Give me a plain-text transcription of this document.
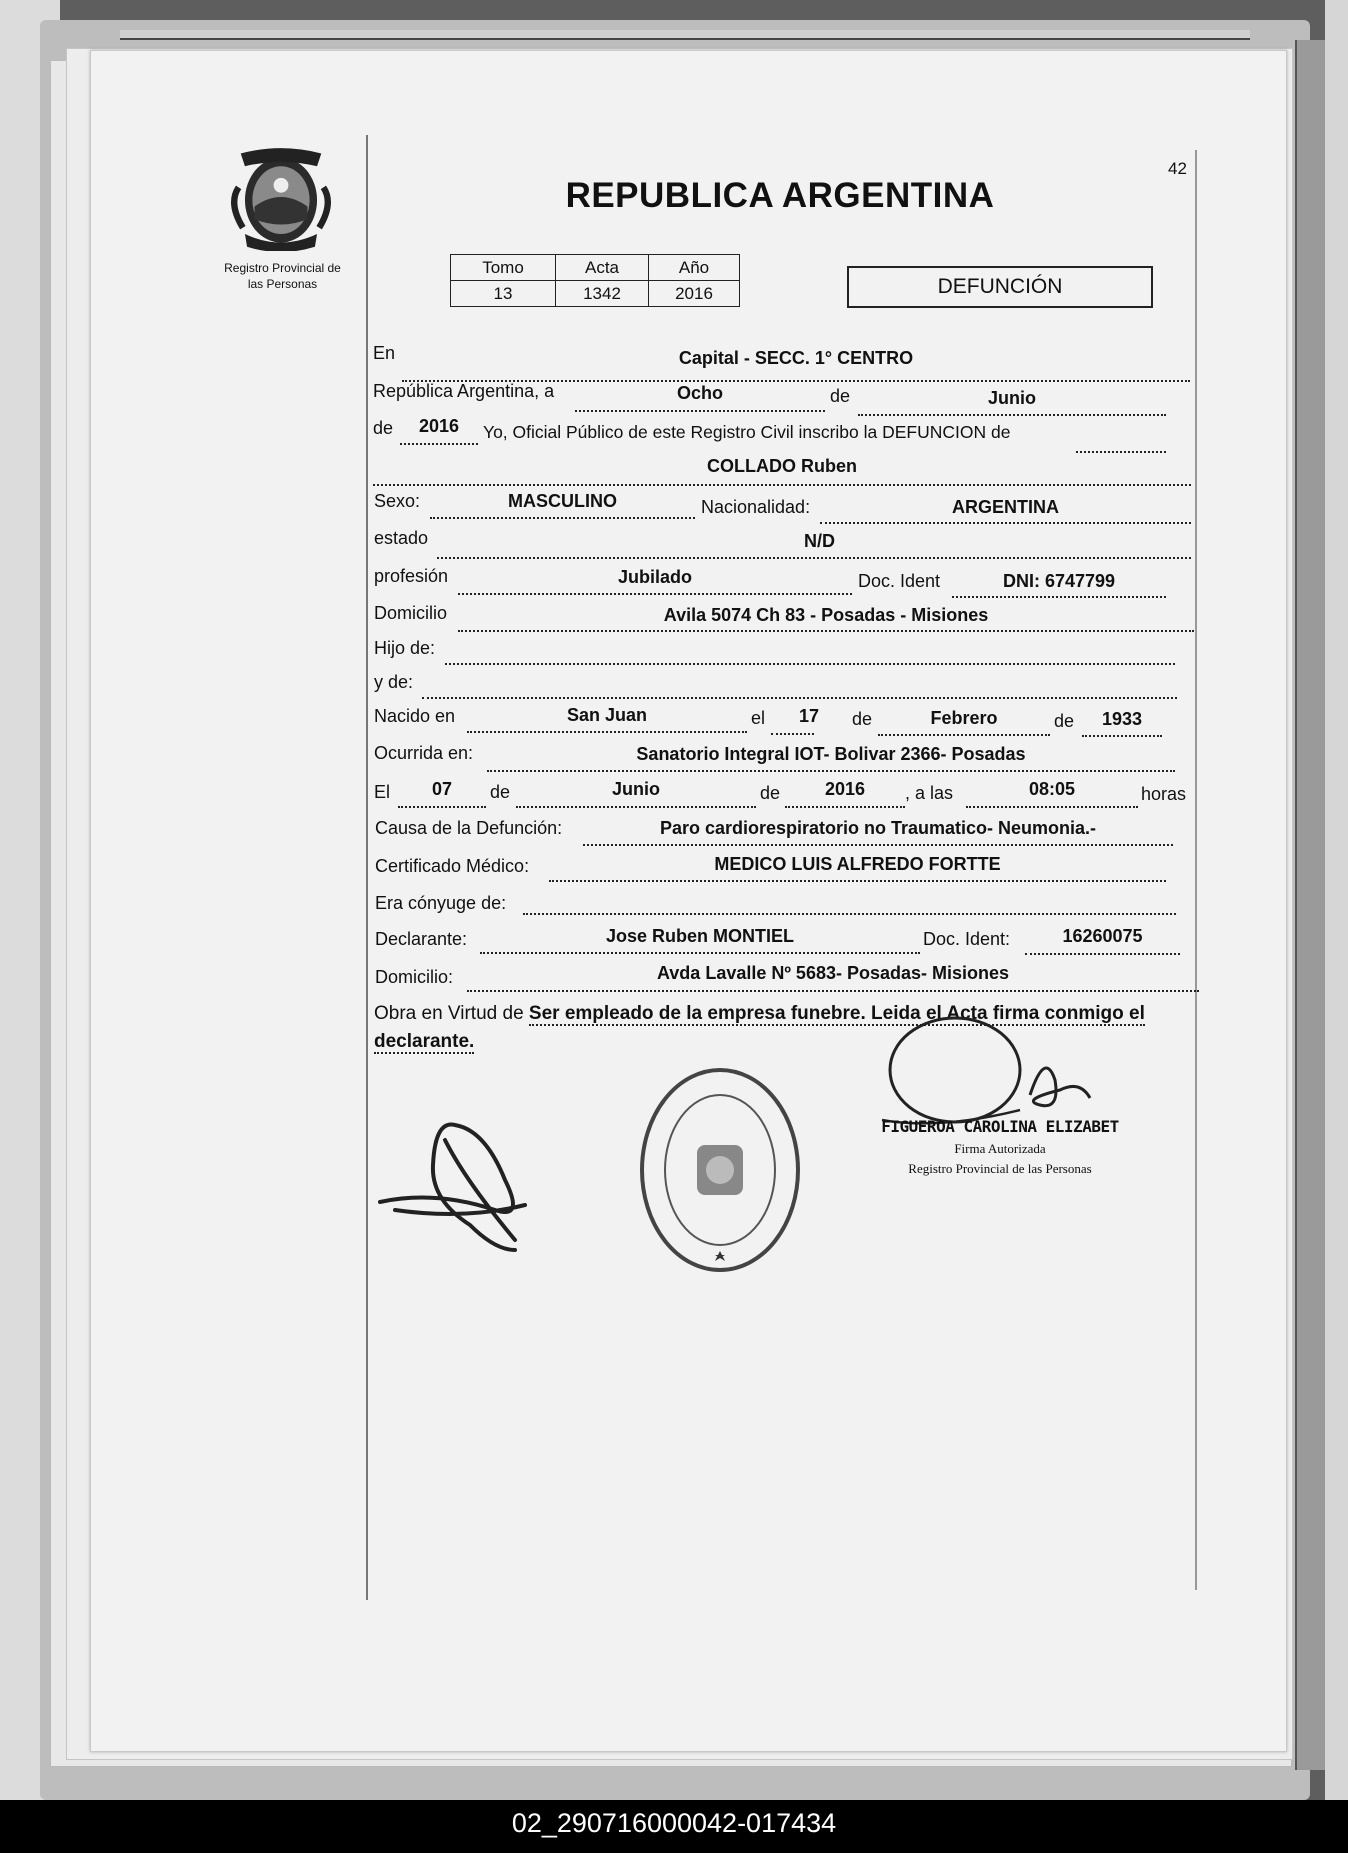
Registro Provincial de
las Personas
42
REPUBLICA ARGENTINA
Tomo	Acta	Año
13	1342	2016	DEFUNCIÓN
En	Capital - SECC. 1° CENTRO
República Argentina, a	Ocho	de	Junio
de	2016	Yo, Oficial Público de este Registro Civil inscribo la DEFUNCION de
COLLADO Ruben
Sexo:	MASCULINO	Nacionalidad:	ARGENTINA
estado	N/D
profesión	Jubilado	Doc. Ident	DNI: 6747799
Domicilio	Avila 5074 Ch 83 - Posadas - Misiones
Hijo de:
y de:
Nacido en	San Juan	el	17	de	Febrero	de	1933
Ocurrida en:	Sanatorio Integral IOT- Bolivar 2366- Posadas
El	07	de	Junio	de	2016	, a las	08:05	horas
Causa de la Defunción:	Paro cardiorespiratorio no Traumatico- Neumonia.-
Certificado Médico:	MEDICO LUIS ALFREDO FORTTE
Era cónyuge de:
Declarante:	Jose Ruben MONTIEL	Doc. Ident:	16260075
Domicilio:	Avda Lavalle Nº 5683- Posadas- Misiones
Obra en Virtud de Ser empleado de la empresa funebre. Leida el Acta firma conmigo el
declarante.
FIGUEROA CAROLINA ELIZABET
Firma Autorizada
Registro Provincial de las Personas
02_290716000042-017434
